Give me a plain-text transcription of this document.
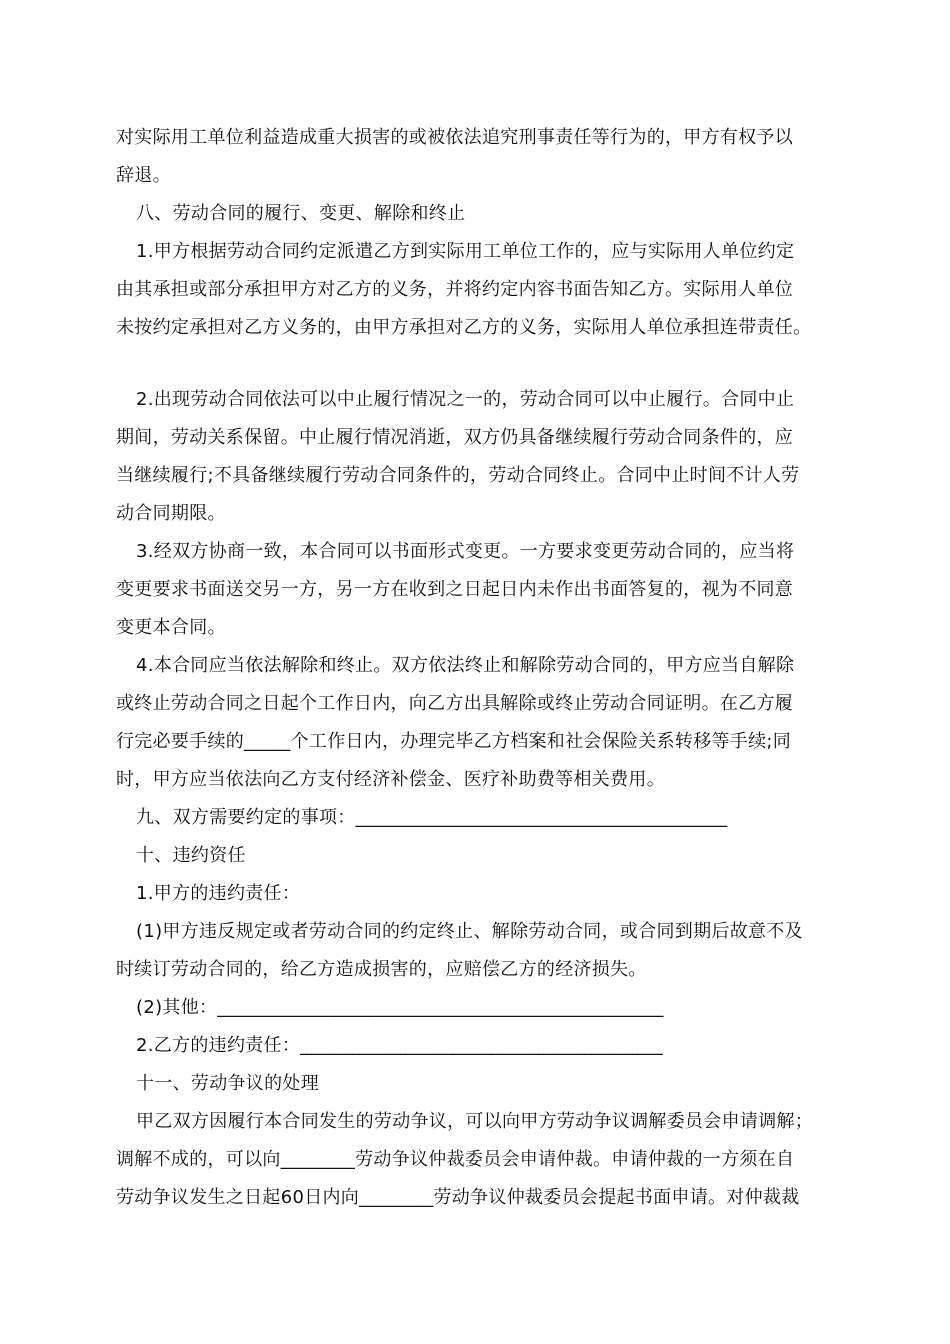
对实际用工单位利益造成重大损害的或被依法追究刑事责任等行为的，甲方有权予以
辞退。
八、劳动合同的履行、变更、解除和终止
1.甲方根据劳动合同约定派遣乙方到实际用工单位工作的，应与实际用人单位约定
由其承担或部分承担甲方对乙方的义务，并将约定内容书面告知乙方。实际用人单位
未按约定承担对乙方义务的，由甲方承担对乙方的义务，实际用人单位承担连带责任。
2.出现劳动合同依法可以中止履行情况之一的，劳动合同可以中止履行。合同中止
期间，劳动关系保留。中止履行情况消逝，双方仍具备继续履行劳动合同条件的，应
当继续履行;不具备继续履行劳动合同条件的，劳动合同终止。合同中止时间不计人劳
动合同期限。
3.经双方协商一致，本合同可以书面形式变更。一方要求变更劳动合同的，应当将
变更要求书面送交另一方，另一方在收到之日起日内未作出书面答复的，视为不同意
变更本合同。
4.本合同应当依法解除和终止。双方依法终止和解除劳动合同的，甲方应当自解除
或终止劳动合同之日起个工作日内，向乙方出具解除或终止劳动合同证明。在乙方履
行完必要手续的_____个工作日内，办理完毕乙方档案和社会保险关系转移等手续;同
时，甲方应当依法向乙方支付经济补偿金、医疗补助费等相关费用。
九、双方需要约定的事项：________________________________________
十、违约资任
1.甲方的违约责任：
(1)甲方违反规定或者劳动合同的约定终止、解除劳动合同，或合同到期后故意不及
时续订劳动合同的，给乙方造成损害的，应赔偿乙方的经济损失。
(2)其他：________________________________________________
2.乙方的违约责任：_______________________________________
十一、劳动争议的处理
甲乙双方因履行本合同发生的劳动争议，可以向甲方劳动争议调解委员会申请调解；
调解不成的，可以向________劳动争议仲裁委员会申请仲裁。申请仲裁的一方须在自
劳动争议发生之日起60日内向________劳动争议仲裁委员会提起书面申请。对仲裁裁
